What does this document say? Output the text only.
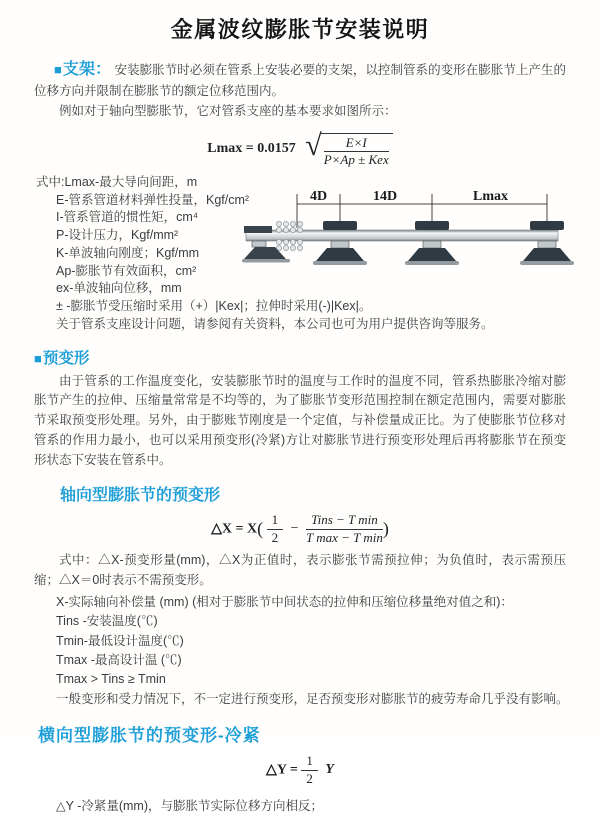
金属波纹膨胀节安装说明

■支架： 安装膨胀节时必须在管系上安装必要的支架，以控制管系的变形在膨胀节上产生的位移方向并限制在膨胀节的额定位移范围内。

例如对于轴向型膨胀节，它对管系支座的基本要求如图所示：

Lmax = 0.0157 √ $\frac{E\times I}{\text{P×Ap ± Kex}}$
式中:Lmax-最大导向间距，m
E-管系管道材料弹性投量，Kgf/cm²
I-管系管道的惯性矩，cm⁴
P-设计压力，Kgf/mm²
K-单波轴向刚度；Kgf/mm
Ap-膨胀节有效面积，cm²
ex-单波轴向位移，mm
± -膨胀节受压缩时采用（+）|Kex|；拉伸时采用(-)|Kex|。
关于管系支座设计问题，请参阅有关资料，本公司也可为用户提供咨询等服务。
4D	14D	Lmax
■预变形

由于管系的工作温度变化，安装膨胀节时的温度与工作时的温度不同，管系热膨胀冷缩对膨胀节产生的拉伸、压缩量常常是不均等的，为了膨胀节变形范围控制在额定范围内，需要对膨胀节采取预变形处理。另外，由于膨账节刚度是一个定值，与补偿量成正比。为了使膨胀节位移对管系的作用力最小，也可以采用预变形(冷紧)方让对膨胀节进行预变形处理后再将膨胀节在预变形状态下安装在管系中。

轴向型膨胀节的预变形
△X = $X( \frac{1}{2} - \frac{\text{Tins − T min}}{\text{T max − T min}}$ )

式中：△X-预变形量(mm)，△X为正值时，表示膨张节需预拉伸；为负值时，表示需预压缩；△X＝0时表示不需预变形。

X-实际轴向补偿量 (mm) (相对于膨胀节中间状态的拉伸和压缩位移量绝对值之和)：
Tins -安装温度(℃)
Tmin-最低设计温度(℃)
Tmax -最高设计温 (℃)
Tmax > Tins ≥ Tmin
一般变形和受力情况下，不一定进行预变形，足否预变形对膨胀节的疲劳寿命几乎没有影响。
横向型膨胀节的预变形-冷紧
△Y = $\frac{1}{2}$ Y
△Y -冷紧量(mm)，与膨胀节实际位移方向相反；
